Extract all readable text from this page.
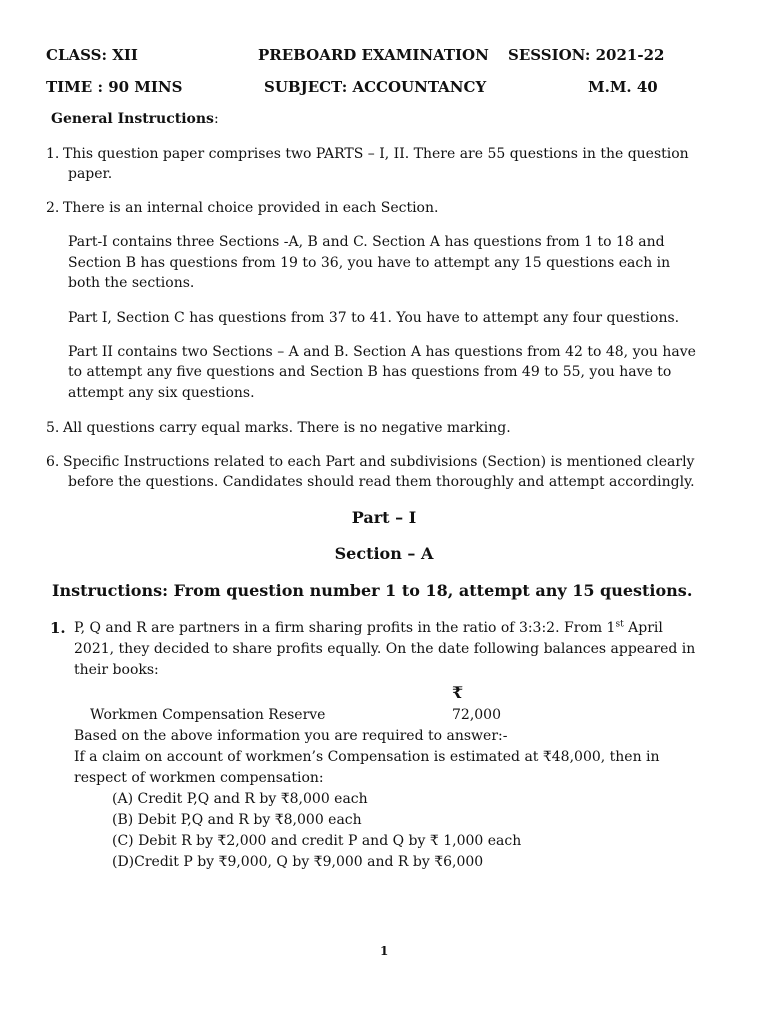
CLASS: XII	PREBOARD EXAMINATION SESSION: 2021-22
TIME : 90 MINS	SUBJECT: ACCOUNTANCY	M.M. 40
General Instructions:
1. This question paper comprises two PARTS – I, II. There are 55 questions in the question
paper.
2. There is an internal choice provided in each Section.
Part-I contains three Sections -A, B and C. Section A has questions from 1 to 18 and
Section B has questions from 19 to 36, you have to attempt any 15 questions each in
both the sections.
Part I, Section C has questions from 37 to 41. You have to attempt any four questions.
Part II contains two Sections – A and B. Section A has questions from 42 to 48, you have
to attempt any five questions and Section B has questions from 49 to 55, you have to
attempt any six questions.
5. All questions carry equal marks. There is no negative marking.
6. Specific Instructions related to each Part and subdivisions (Section) is mentioned clearly
before the questions. Candidates should read them thoroughly and attempt accordingly.
Part – I
Section – A
Instructions: From question number 1 to 18, attempt any 15 questions.
1. P, Q and R are partners in a firm sharing profits in the ratio of 3:3:2. From 1st April
2021, they decided to share profits equally. On the date following balances appeared in
their books:
₹
Workmen Compensation Reserve	72,000
Based on the above information you are required to answer:-
If a claim on account of workmen’s Compensation is estimated at ₹48,000, then in
respect of workmen compensation:
(A) Credit P,Q and R by ₹8,000 each
(B) Debit P,Q and R by ₹8,000 each
(C) Debit R by ₹2,000 and credit P and Q by ₹ 1,000 each
(D)Credit P by ₹9,000, Q by ₹9,000 and R by ₹6,000
1
